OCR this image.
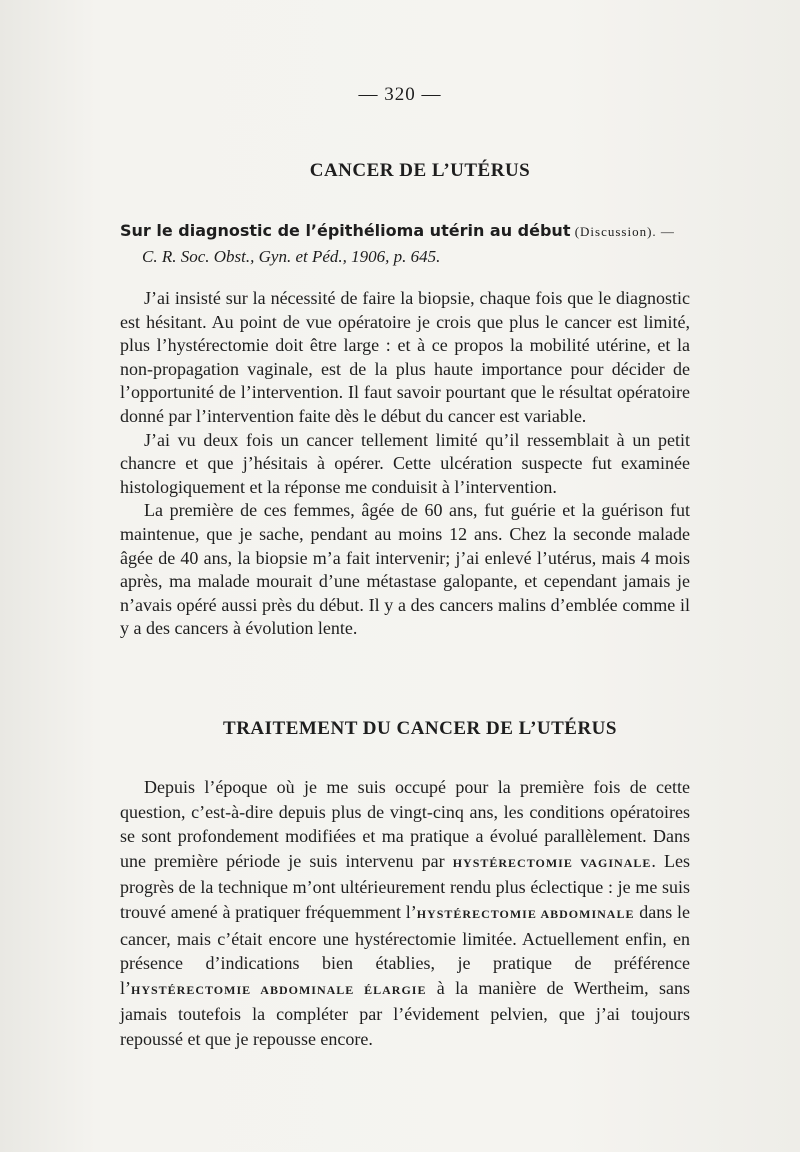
— 320 —
CANCER DE L’UTÉRUS
Sur le diagnostic de l’épithélioma utérin au début (Discussion). —
C. R. Soc. Obst., Gyn. et Péd., 1906, p. 645.

J’ai insisté sur la nécessité de faire la biopsie, chaque fois que le diagnostic est hésitant. Au point de vue opératoire je crois que plus le cancer est limité, plus l’hystérectomie doit être large : et à ce propos la mobilité utérine, et la non-propagation vaginale, est de la plus haute importance pour décider de l’opportunité de l’intervention. Il faut savoir pourtant que le résultat opératoire donné par l’intervention faite dès le début du cancer est variable.

J’ai vu deux fois un cancer tellement limité qu’il ressemblait à un petit chancre et que j’hésitais à opérer. Cette ulcération suspecte fut examinée histologiquement et la réponse me conduisit à l’intervention.

La première de ces femmes, âgée de 60 ans, fut guérie et la guérison fut maintenue, que je sache, pendant au moins 12 ans. Chez la seconde malade âgée de 40 ans, la biopsie m’a fait intervenir; j’ai enlevé l’utérus, mais 4 mois après, ma malade mourait d’une métastase galopante, et cependant jamais je n’avais opéré aussi près du début. Il y a des cancers malins d’emblée comme il y a des cancers à évolution lente.

TRAITEMENT DU CANCER DE L’UTÉRUS

Depuis l’époque où je me suis occupé pour la première fois de cette question, c’est-à-dire depuis plus de vingt-cinq ans, les conditions opératoires se sont profondement modifiées et ma pratique a évolué parallèlement. Dans une première période je suis intervenu par HYSTÉRECTOMIE VAGINALE. Les progrès de la technique m’ont ultérieurement rendu plus éclectique : je me suis trouvé amené à pratiquer fréquemment l’HYSTÉRECTOMIE ABDOMINALE dans le cancer, mais c’était encore une hystérectomie limitée. Actuellement enfin, en présence d’indications bien établies, je pratique de préférence l’HYSTÉRECTOMIE ABDOMINALE ÉLARGIE à la manière de Wertheim, sans jamais toutefois la compléter par l’évidement pelvien, que j’ai toujours repoussé et que je repousse encore.
